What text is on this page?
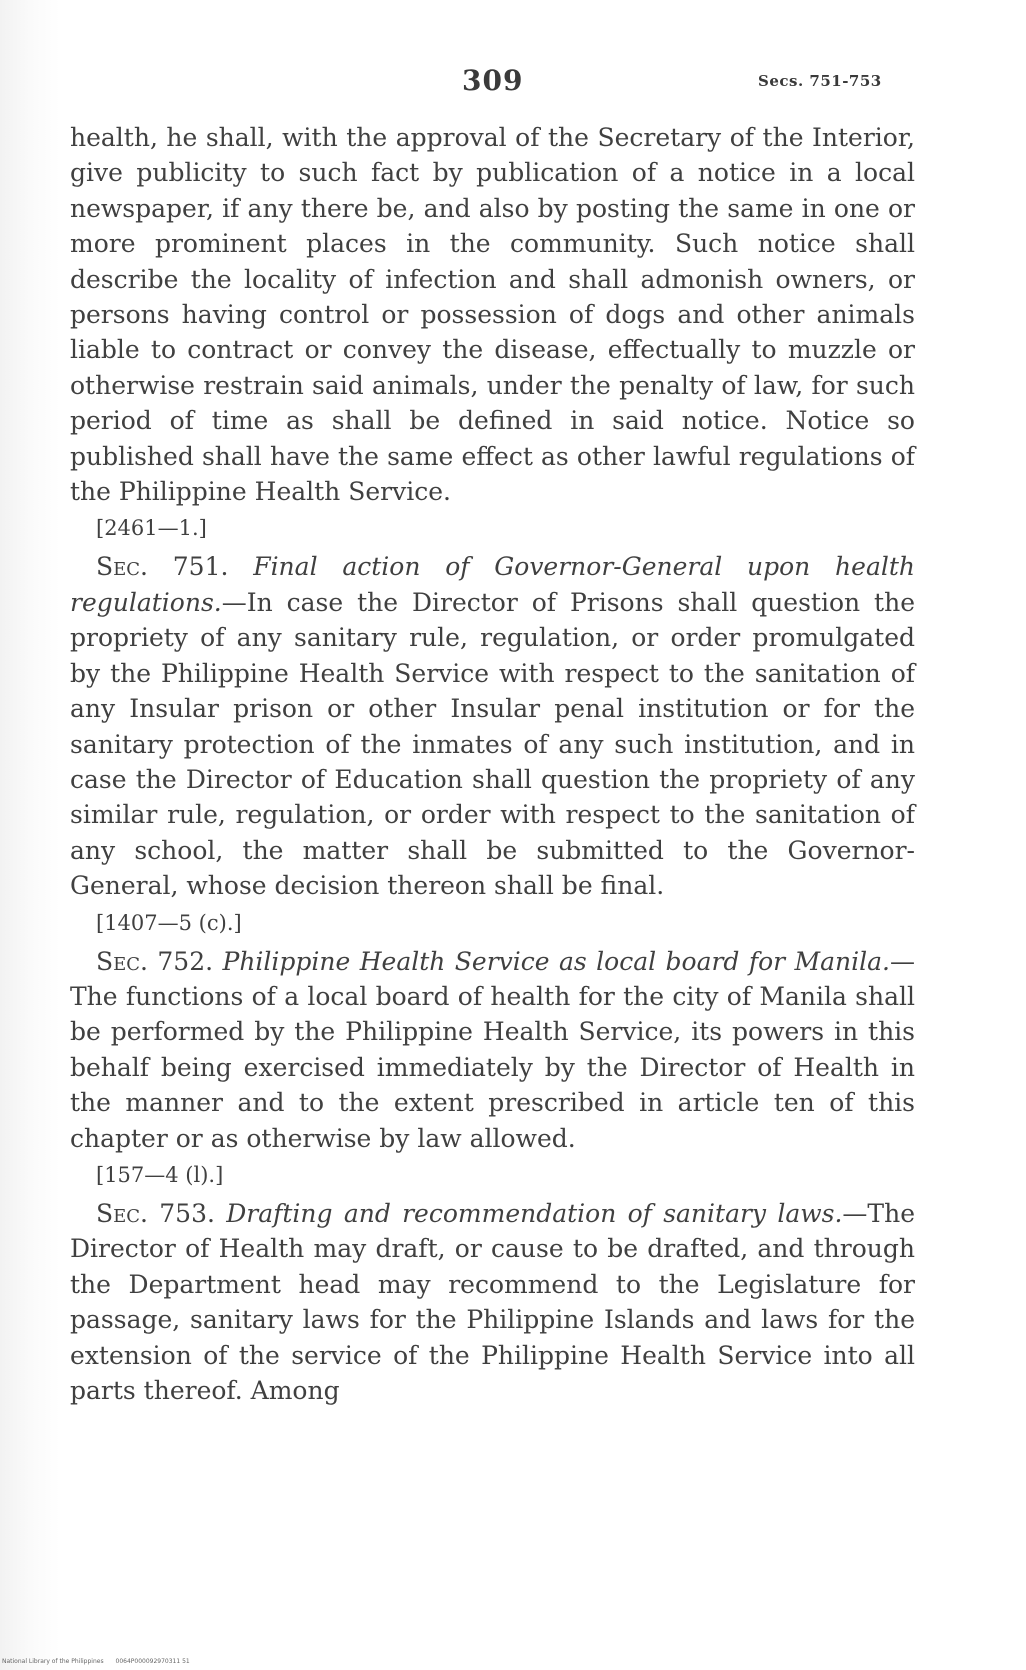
309	Secs. 751-753

health, he shall, with the approval of the Secretary of the Interior, give publicity to such fact by publication of a notice in a local newspaper, if any there be, and also by posting the same in one or more prominent places in the community. Such notice shall describe the locality of infection and shall admonish owners, or persons having control or possession of dogs and other animals liable to contract or convey the disease, effectually to muzzle or otherwise restrain said animals, under the penalty of law, for such period of time as shall be defined in said notice. Notice so published shall have the same effect as other lawful regulations of the Philippine Health Service.

[2461—1.]

Sec. 751. Final action of Governor-General upon health regulations.—In case the Director of Prisons shall question the propriety of any sanitary rule, regulation, or order promulgated by the Philippine Health Service with respect to the sanitation of any Insular prison or other Insular penal institution or for the sanitary protection of the inmates of any such institution, and in case the Director of Education shall question the propriety of any similar rule, regulation, or order with respect to the sanitation of any school, the matter shall be submitted to the Governor-General, whose decision thereon shall be final.

[1407—5 (c).]

Sec. 752. Philippine Health Service as local board for Manila.—The functions of a local board of health for the city of Manila shall be performed by the Philippine Health Service, its powers in this behalf being exercised immediately by the Director of Health in the manner and to the extent prescribed in article ten of this chapter or as otherwise by law allowed.

[157—4 (l).]

Sec. 753. Drafting and recommendation of sanitary laws.—The Director of Health may draft, or cause to be drafted, and through the Department head may recommend to the Legislature for passage, sanitary laws for the Philippine Islands and laws for the extension of the service of the Philippine Health Service into all parts thereof. Among

National Library of the Philippines 0064P000092970311 51
